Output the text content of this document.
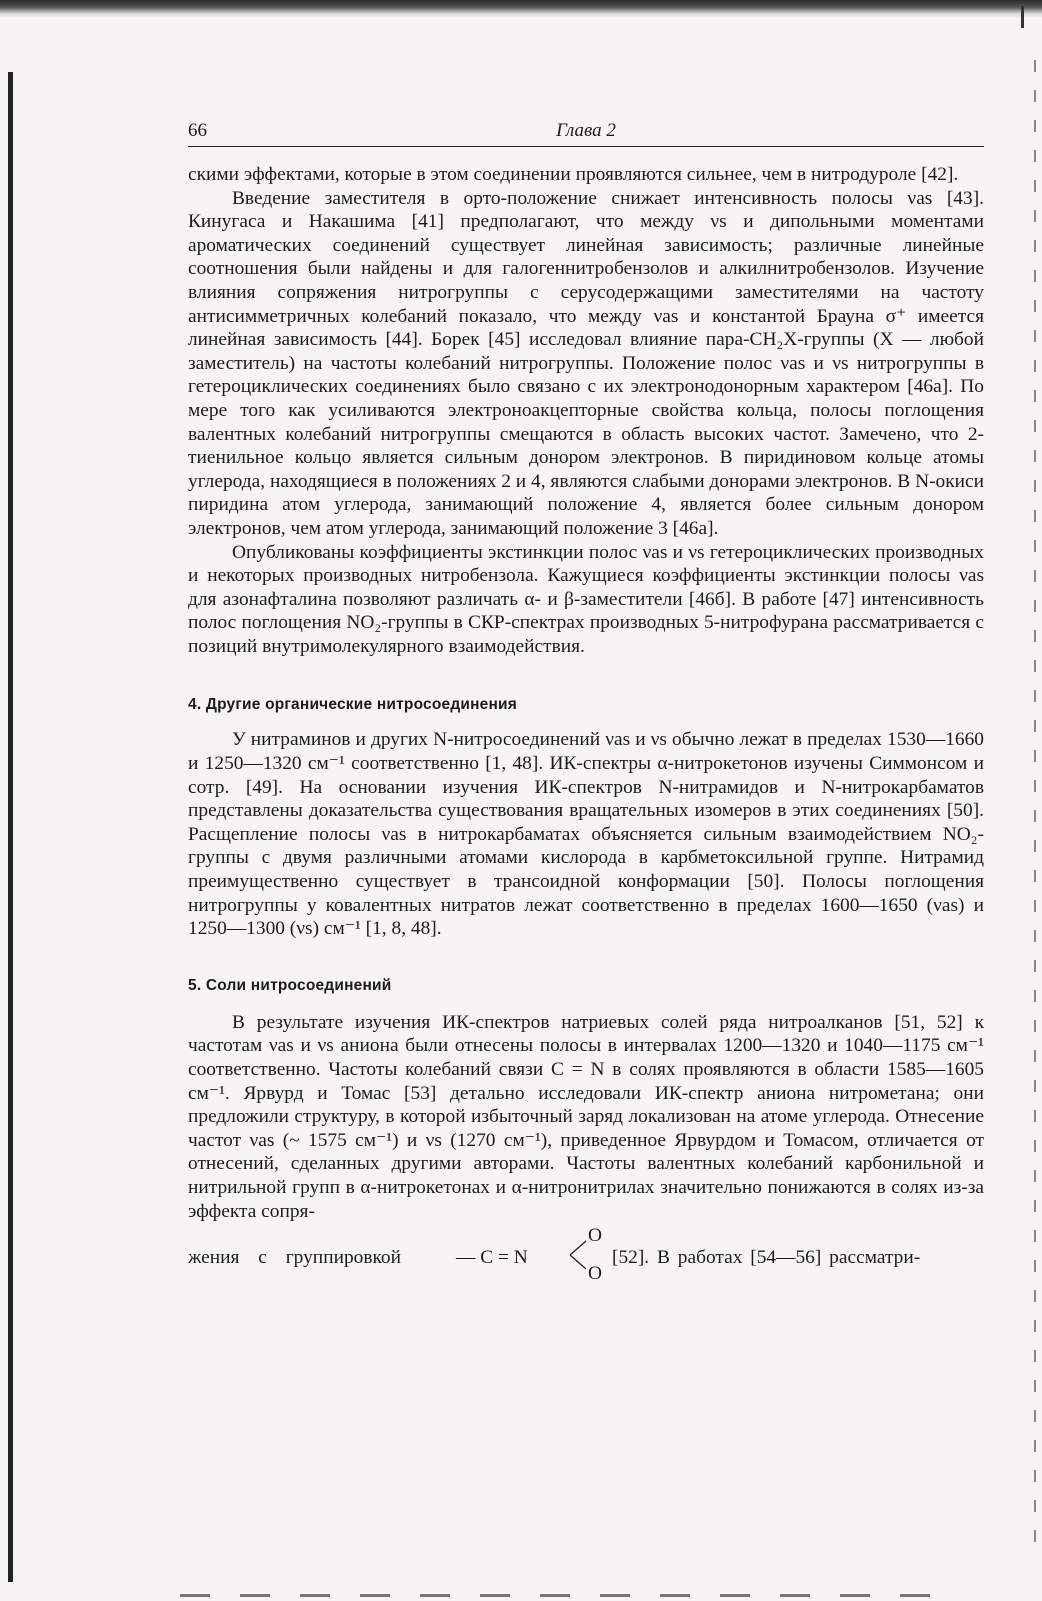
66	Глава 2

скими эффектами, которые в этом соединении проявляются сильнее, чем в нитродуроле [42].

Введение заместителя в орто-положение снижает интенсивность полосы νas [43]. Кинугаса и Накашима [41] предполагают, что между νs и дипольными моментами ароматических соединений существует линейная зависимость; различные линейные соотношения были найдены и для галогеннитробензолов и алкилнитробензолов. Изучение влияния сопряжения нитрогруппы с серусодержащими заместителями на частоту антисимметричных колебаний показало, что между νas и константой Брауна σ⁺ имеется линейная зависимость [44]. Борек [45] исследовал влияние пара-CH₂X-группы (X — любой заместитель) на частоты колебаний нитрогруппы. Положение полос νas и νs нитрогруппы в гетероциклических соединениях было связано с их электронодонорным характером [46а]. По мере того как усиливаются электроноакцепторные свойства кольца, полосы поглощения валентных колебаний нитрогруппы смещаются в область высоких частот. Замечено, что 2-тиенильное кольцо является сильным донором электронов. В пиридиновом кольце атомы углерода, находящиеся в положениях 2 и 4, являются слабыми донорами электронов. В N-окиси пиридина атом углерода, занимающий положение 4, является более сильным донором электронов, чем атом углерода, занимающий положение 3 [46а].

Опубликованы коэффициенты экстинкции полос νas и νs гетероциклических производных и некоторых производных нитробензола. Кажущиеся коэффициенты экстинкции полосы νas для азонафталина позволяют различать α- и β-заместители [46б]. В работе [47] интенсивность полос поглощения NO₂-группы в СКР-спектрах производных 5-нитрофурана рассматривается с позиций внутримолекулярного взаимодействия.

4. Другие органические нитросоединения

У нитраминов и других N-нитросоединений νas и νs обычно лежат в пределах 1530—1660 и 1250—1320 см⁻¹ соответственно [1, 48]. ИК-спектры α-нитрокетонов изучены Симмонсом и сотр. [49]. На основании изучения ИК-спектров N-нитрамидов и N-нитрокарбаматов представлены доказательства существования вращательных изомеров в этих соединениях [50]. Расщепление полосы νas в нитрокарбаматах объясняется сильным взаимодействием NO₂-группы с двумя различными атомами кислорода в карбметоксильной группе. Нитрамид преимущественно существует в трансоидной конформации [50]. Полосы поглощения нитрогруппы у ковалентных нитратов лежат соответственно в пределах 1600—1650 (νas) и 1250—1300 (νs) см⁻¹ [1, 8, 48].

5. Соли нитросоединений

В результате изучения ИК-спектров натриевых солей ряда нитроалканов [51, 52] к частотам νas и νs аниона были отнесены полосы в интервалах 1200—1320 и 1040—1175 см⁻¹ соответственно. Частоты колебаний связи C = N в солях проявляются в области 1585—1605 см⁻¹. Ярвурд и Томас [53] детально исследовали ИК-спектр аниона нитрометана; они предложили структуру, в которой избыточный заряд локализован на атоме углерода. Отнесение частот νas (~ 1575 см⁻¹) и νs (1270 см⁻¹), приведенное Ярвурдом и Томасом, отличается от отнесений, сделанных другими авторами. Частоты валентных колебаний карбонильной и нитрильной групп в α-нитрокетонах и α-нитронитрилах значительно понижаются в солях из-за эффекта сопря-

жения с группировкой	— C = N
O
O
[52]. В работах [54—56] рассматри-
